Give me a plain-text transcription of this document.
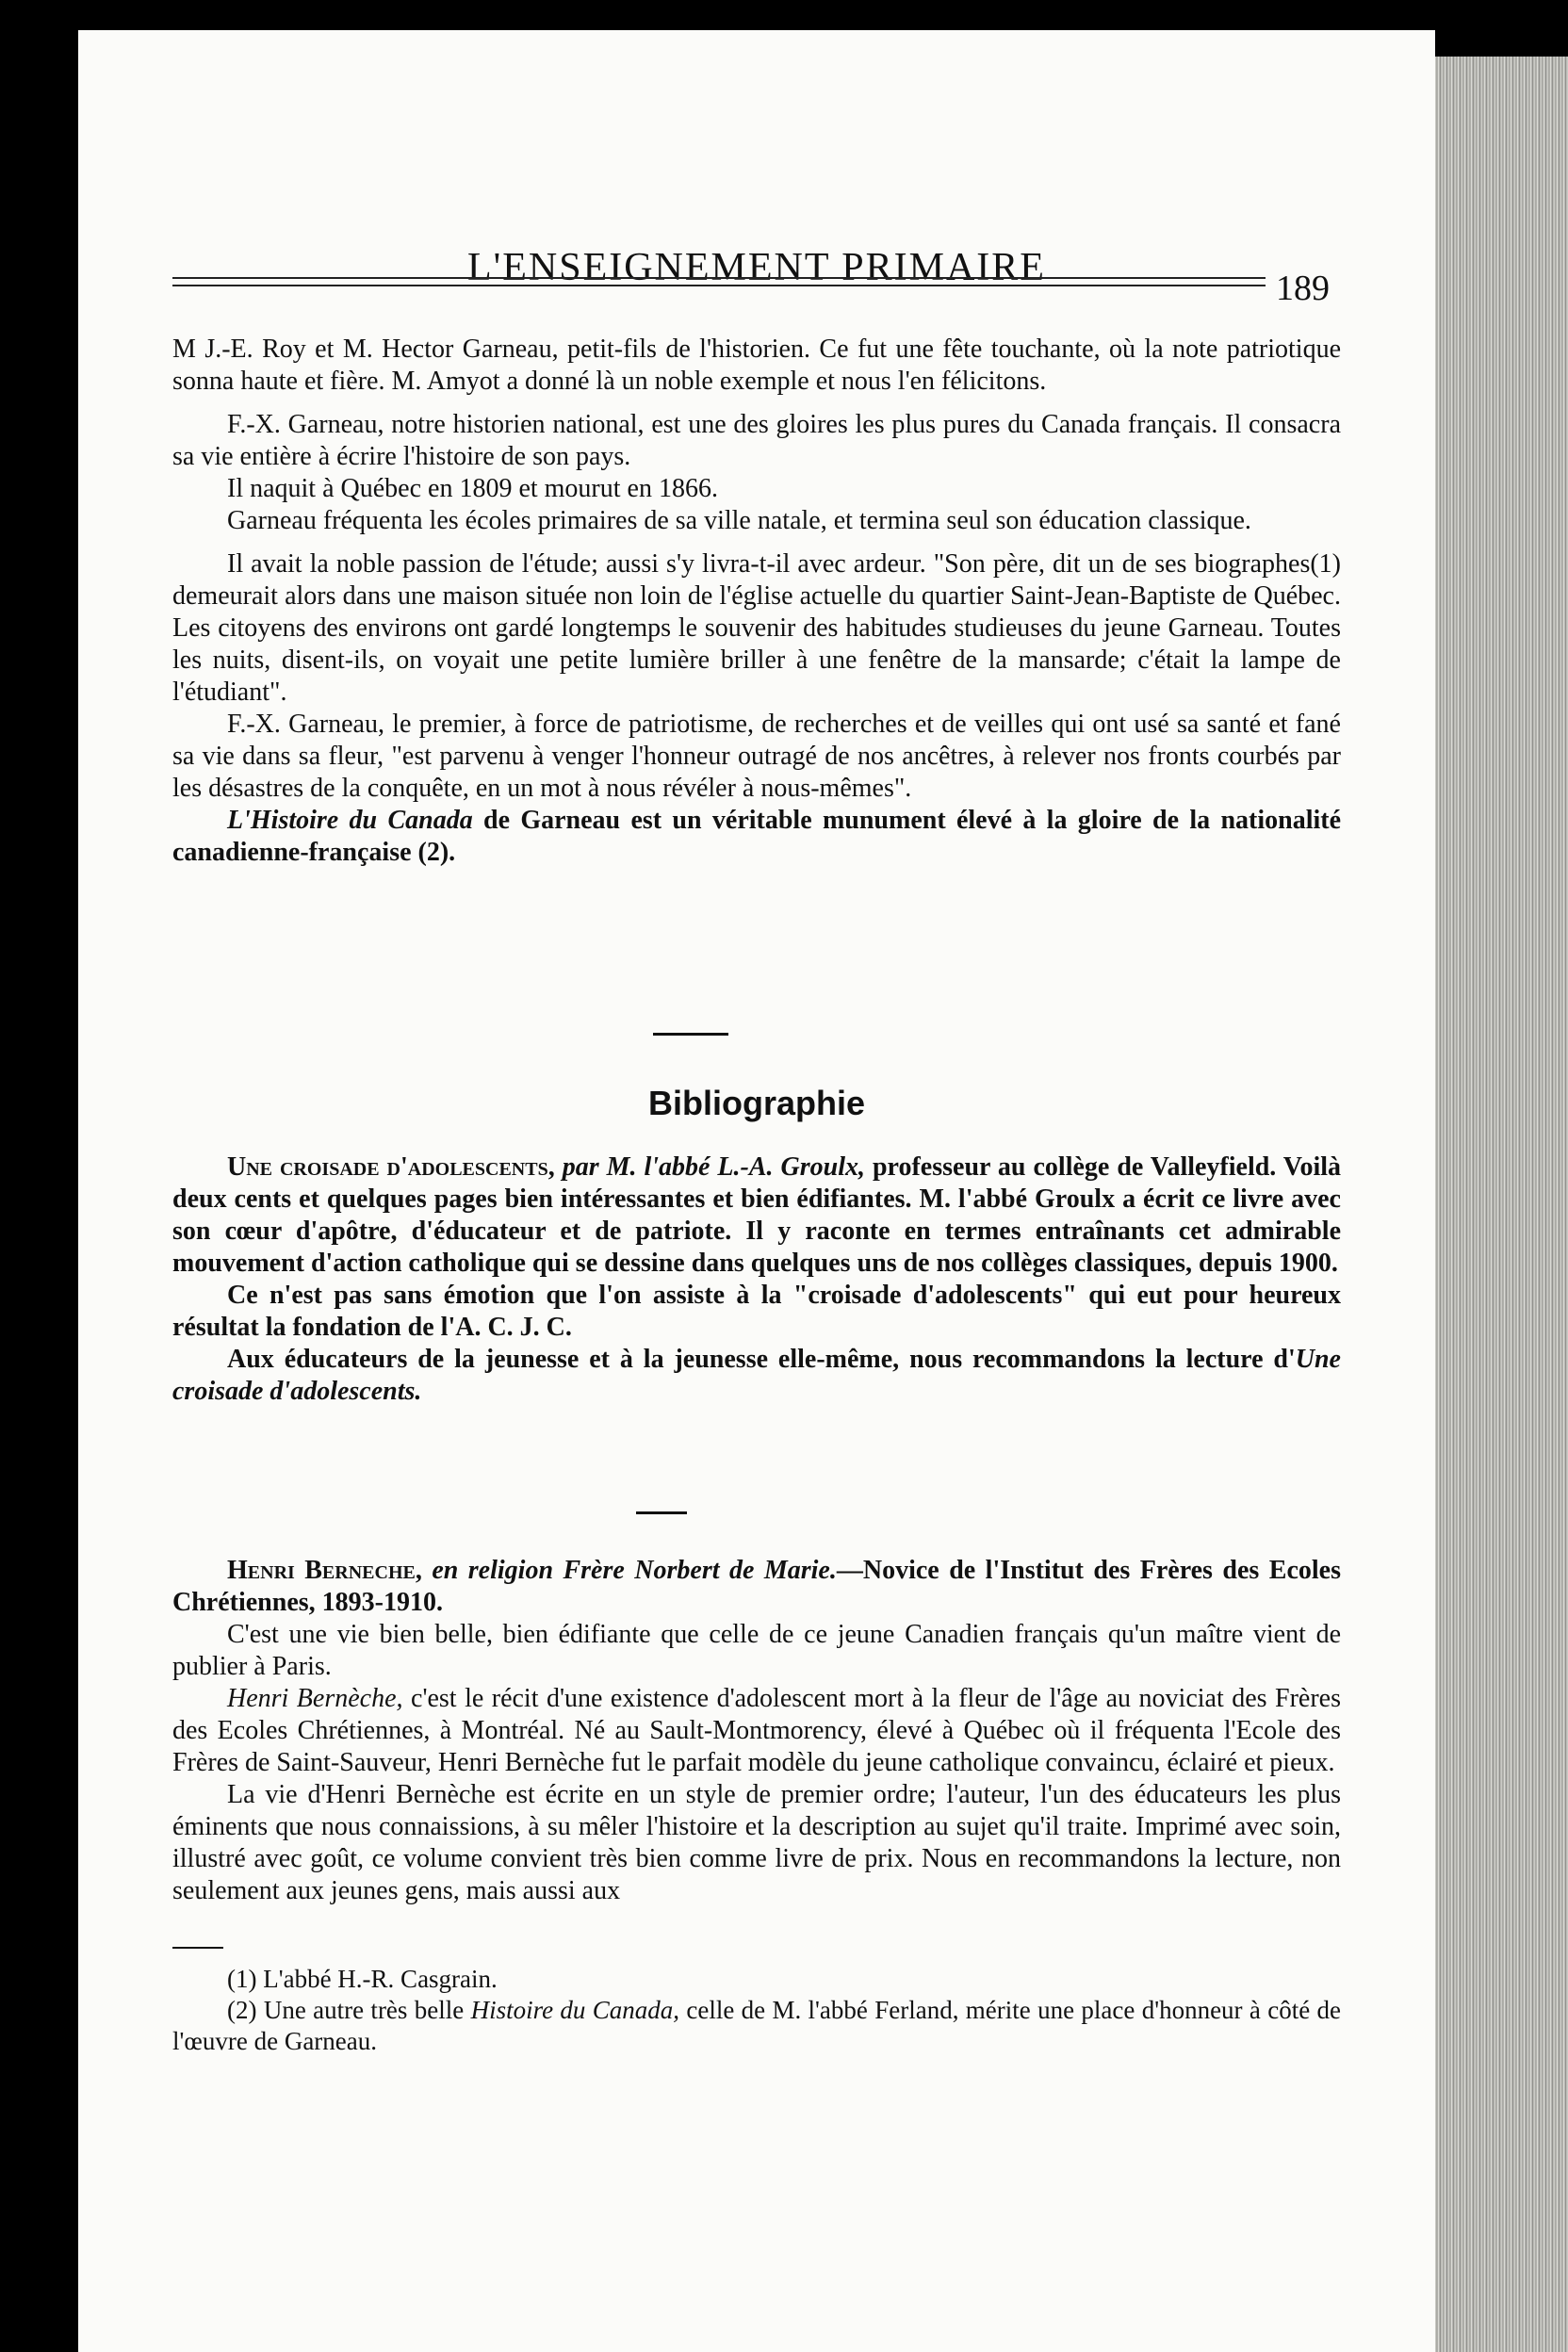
L'ENSEIGNEMENT PRIMAIRE	189

M J.-E. Roy et M. Hector Garneau, petit-fils de l'historien. Ce fut une fête touchante, où la note patriotique sonna haute et fière. M. Amyot a donné là un noble exemple et nous l'en félicitons.

F.-X. Garneau, notre historien national, est une des gloires les plus pures du Canada français. Il consacra sa vie entière à écrire l'histoire de son pays.

Il naquit à Québec en 1809 et mourut en 1866.

Garneau fréquenta les écoles primaires de sa ville natale, et termina seul son éducation classique.

Il avait la noble passion de l'étude; aussi s'y livra-t-il avec ardeur. "Son père, dit un de ses biographes(1) demeurait alors dans une maison située non loin de l'église actuelle du quartier Saint-Jean-Baptiste de Québec. Les citoyens des environs ont gardé longtemps le souvenir des habitudes studieuses du jeune Garneau. Toutes les nuits, disent-ils, on voyait une petite lumière briller à une fenêtre de la mansarde; c'était la lampe de l'étudiant".

F.-X. Garneau, le premier, à force de patriotisme, de recherches et de veilles qui ont usé sa santé et fané sa vie dans sa fleur, "est parvenu à venger l'honneur outragé de nos ancêtres, à relever nos fronts courbés par les désastres de la conquête, en un mot à nous révéler à nous-mêmes".

L'Histoire du Canada de Garneau est un véritable munument élevé à la gloire de la nationalité canadienne-française (2).

Bibliographie

Une croisade d'adolescents, par M. l'abbé L.-A. Groulx, professeur au collège de Valleyfield. Voilà deux cents et quelques pages bien intéressantes et bien édifiantes. M. l'abbé Groulx a écrit ce livre avec son cœur d'apôtre, d'éducateur et de patriote. Il y raconte en termes entraînants cet admirable mouvement d'action catholique qui se dessine dans quelques uns de nos collèges classiques, depuis 1900.

Ce n'est pas sans émotion que l'on assiste à la "croisade d'adolescents" qui eut pour heureux résultat la fondation de l'A. C. J. C.

Aux éducateurs de la jeunesse et à la jeunesse elle-même, nous recommandons la lecture d'Une croisade d'adolescents.

Henri Berneche, en religion Frère Norbert de Marie.—Novice de l'Institut des Frères des Ecoles Chrétiennes, 1893-1910.

C'est une vie bien belle, bien édifiante que celle de ce jeune Canadien français qu'un maître vient de publier à Paris.

Henri Bernèche, c'est le récit d'une existence d'adolescent mort à la fleur de l'âge au noviciat des Frères des Ecoles Chrétiennes, à Montréal. Né au Sault-Montmorency, élevé à Québec où il fréquenta l'Ecole des Frères de Saint-Sauveur, Henri Bernèche fut le parfait modèle du jeune catholique convaincu, éclairé et pieux.

La vie d'Henri Bernèche est écrite en un style de premier ordre; l'auteur, l'un des éducateurs les plus éminents que nous connaissions, à su mêler l'histoire et la description au sujet qu'il traite. Imprimé avec soin, illustré avec goût, ce volume convient très bien comme livre de prix. Nous en recommandons la lecture, non seulement aux jeunes gens, mais aussi aux

(1) L'abbé H.-R. Casgrain.

(2) Une autre très belle Histoire du Canada, celle de M. l'abbé Ferland, mérite une place d'honneur à côté de l'œuvre de Garneau.
